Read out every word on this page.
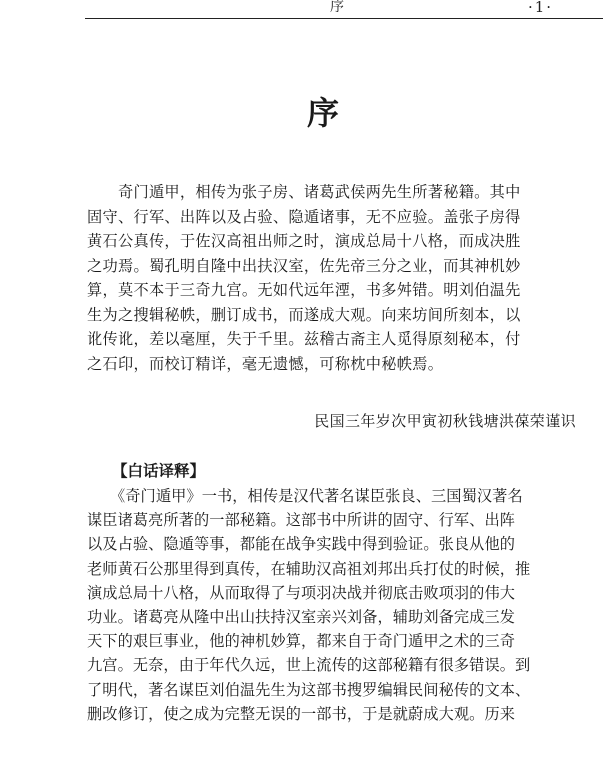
序	·1·
序
　　奇门遁甲，相传为张子房、诸葛武侯两先生所著秘籍。其中
固守、行军、出阵以及占验、隐遁诸事，无不应验。盖张子房得
黄石公真传，于佐汉高祖出师之时，演成总局十八格，而成决胜
之功焉。蜀孔明自隆中出扶汉室，佐先帝三分之业，而其神机妙
算，莫不本于三奇九宫。无如代远年湮，书多舛错。明刘伯温先
生为之搜辑秘帙，删订成书，而遂成大观。向来坊间所刻本，以
讹传讹，差以毫厘，失于千里。兹稽古斋主人觅得原刻秘本，付
之石印，而校订精详，毫无遗憾，可称枕中秘帙焉。
民国三年岁次甲寅初秋钱塘洪葆荣谨识
【白话译释】
　　《奇门遁甲》一书，相传是汉代著名谋臣张良、三国蜀汉著名
谋臣诸葛亮所著的一部秘籍。这部书中所讲的固守、行军、出阵
以及占验、隐遁等事，都能在战争实践中得到验证。张良从他的
老师黄石公那里得到真传，在辅助汉高祖刘邦出兵打仗的时候，推
演成总局十八格，从而取得了与项羽决战并彻底击败项羽的伟大
功业。诸葛亮从隆中出山扶持汉室亲兴刘备，辅助刘备完成三发
天下的艰巨事业，他的神机妙算，都来自于奇门遁甲之术的三奇
九宫。无奈，由于年代久远，世上流传的这部秘籍有很多错误。到
了明代，著名谋臣刘伯温先生为这部书搜罗编辑民间秘传的文本、
删改修订，使之成为完整无误的一部书，于是就蔚成大观。历来
